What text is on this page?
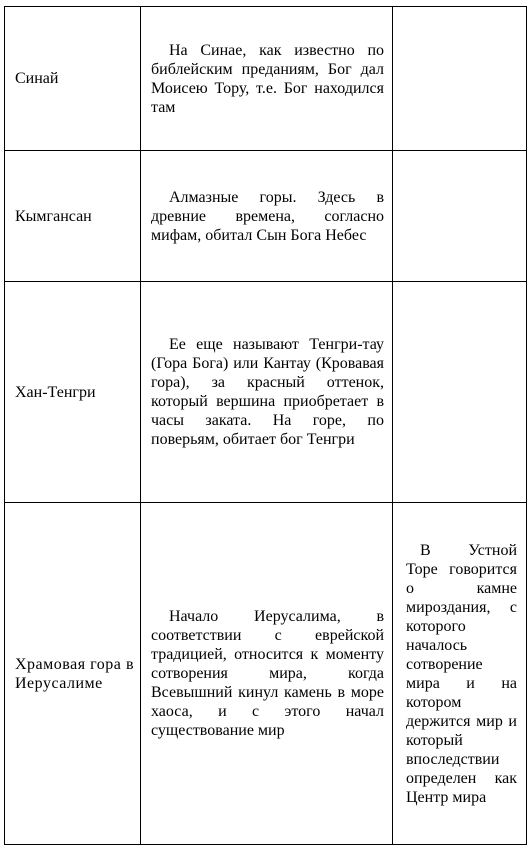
Синай	На Синае, как известно по библейским преданиям, Бог дал Моисею Тору, т.е. Бог находился там	
Кымгансан	Алмазные горы. Здесь в древние времена, согласно мифам, обитал Сын Бога Небес	
Хан-Тенгри	Ее еще называют Тенгри-тау (Гора Бога) или Кантау (Кровавая гора), за красный оттенок, который вершина приобретает в часы заката. На горе, по поверьям, обитает бог Тенгри	
Храмовая гора в Иерусалиме	Начало Иерусалима, в соответствии с еврейской традицией, относится к моменту сотворения мира, когда Всевышний кинул камень в море хаоса, и с этого начал существование мир	В Устной Торе говорится о камне мироздания, с которого началось сотворение мира и на котором держится мир и который впоследствии определен как Центр мира
